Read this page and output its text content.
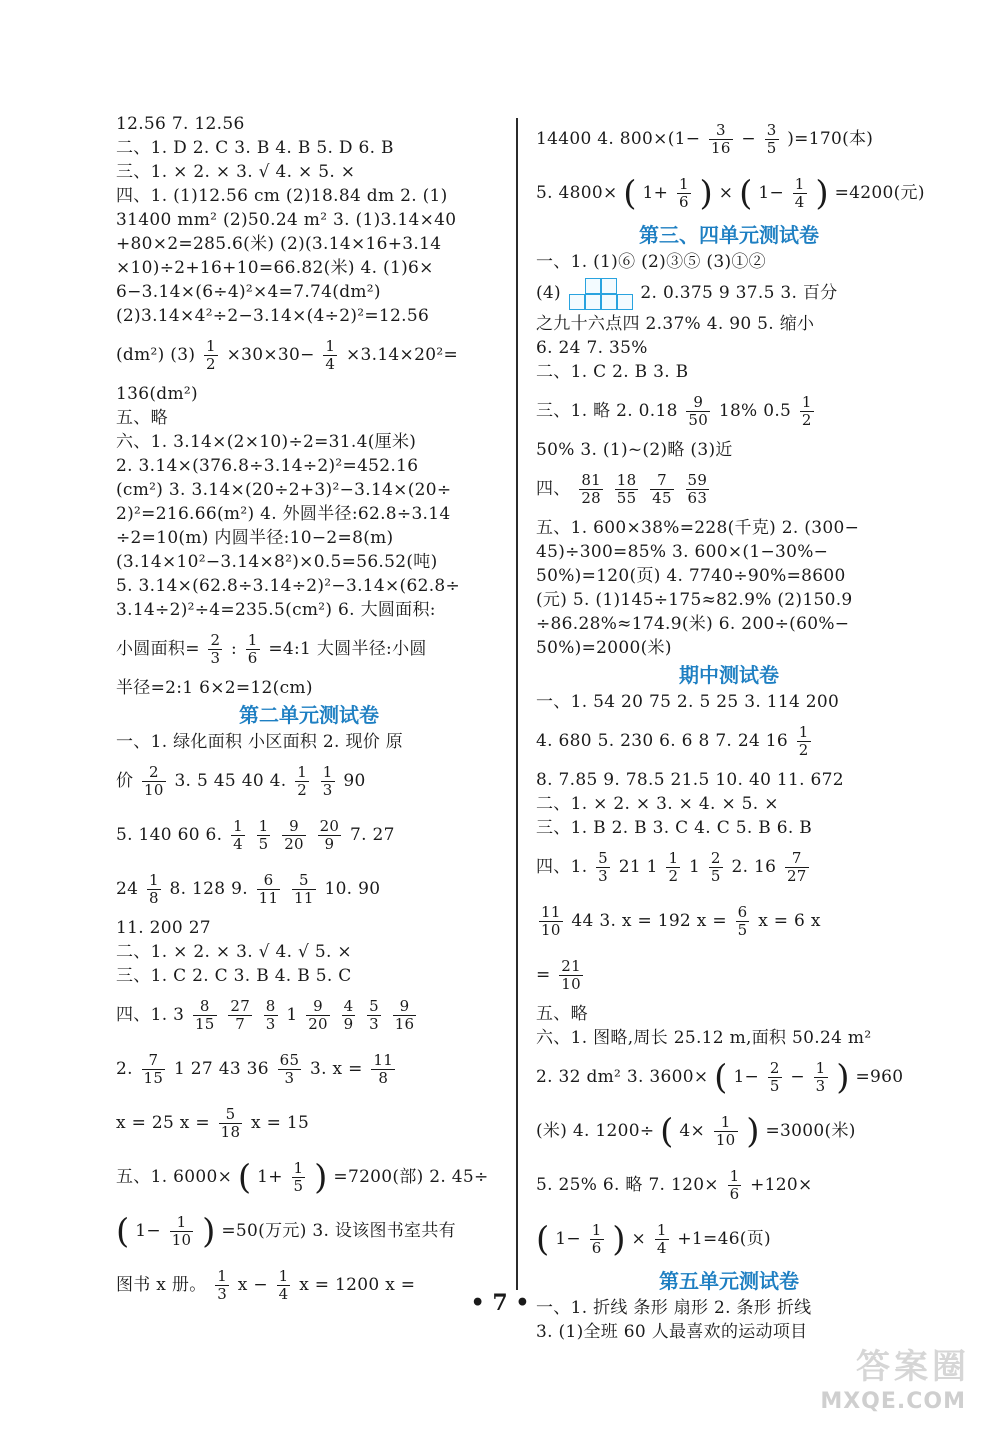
12.56 7. 12.56
二、1. D 2. C 3. B 4. B 5. D 6. B
三、1. × 2. × 3. √ 4. × 5. ×
四、1. (1)12.56 cm (2)18.84 dm 2. (1)
31400 mm² (2)50.24 m² 3. (1)3.14×40
+80×2=285.6(米) (2)(3.14×16+3.14
×10)÷2+16+10=66.82(米) 4. (1)6×
6−3.14×(6÷4)²×4=7.74(dm²)
(2)3.14×4²÷2−3.14×(4÷2)²=12.56
(dm²) $(3) \frac{1}{2} \times 30\times 30- \frac{1}{4} \times 3.14\times 20^2=$
136(dm²)
五、略
六、1. 3.14×(2×10)÷2=31.4(厘米)
2. 3.14×(376.8÷3.14÷2)²=452.16
(cm²) 3. 3.14×(20÷2+3)²−3.14×(20÷
2)²=216.66(m²) 4. 外圆半径:62.8÷3.14
÷2=10(m) 内圆半径:10−2=8(m)
(3.14×10²−3.14×8²)×0.5=56.52(吨)
5. 3.14×(62.8÷3.14÷2)²−3.14×(62.8÷
3.14÷2)²÷4=235.5(cm²) 6. 大圆面积:
小圆面积= $\frac{2}{3}$ : $\frac{1}{6}$ =4:1 大圆半径:小圆
半径=2:1 6×2=12(cm)
第二单元测试卷
一、1. 绿化面积 小区面积 2. 现价 原
价 $\frac{2}{10} 3$. 5 45 40 4. $\frac{1}{2}$
$\frac{1}{3} 90$
5. 140 60 6. $\frac{1}{4}$
$\frac{1}{5}$
$\frac{9}{20}$
$\frac{20}{9} 7$. 27
$24 \frac{1}{8} 8$. 128 9. $\frac{6}{11}$
$\frac{5}{11} 10$. 90
11. 200 27
二、1. × 2. × 3. √ 4. √ 5. ×
三、1. C 2. C 3. B 4. B 5. C
四、1. $3 \frac{8}{15}$
$\frac{27}{7}$
$\frac{8}{3} 1 \frac{9}{20}$
$\frac{4}{9}$
$\frac{5}{3}$
$\frac{9}{16}$
2. $\frac{7}{15} 1$ 27 43 $36 \frac{65}{3} 3$. $x = \frac{11}{8}$
x = 25 $x = \frac{5}{18}$ x = 15
五、1. 6000× ( $1+ \frac{1}{5}$ ) =7200(部) 2. 45÷
( $1- \frac{1}{10}$ ) =50(万元) 3. 设该图书室共有
图书 x 册。 $\frac{1}{3}$ $x - \frac{1}{4}$ x = 1200 x =
14400 4. $800\times(1- \frac{3}{16} - \frac{3}{5} )=170$(本)
5. 4800× ( $1+ \frac{1}{6}$ ) × ( $1- \frac{1}{4}$ ) =4200(元)
第三、四单元测试卷
一、1. (1)⑥ (2)③⑤ (3)①②
(4)	2. 0.375 9 37.5 3. 百分
之九十六点四 2.37% 4. 90 5. 缩小
6. 24 7. 35%
二、1. C 2. B 3. B
三、1. 略 2. $0.18 \frac{9}{50} 18\%$ $0.5 \frac{1}{2}$
50% 3. (1)~(2)略 (3)近
四、 $\frac{81}{28}$
$\frac{18}{55}$
$\frac{7}{45}$
$\frac{59}{63}$
五、1. 600×38%=228(千克) 2. (300−
45)÷300=85% 3. 600×(1−30%−
50%)=120(页) 4. 7740÷90%=8600
(元) 5. (1)145÷175≈82.9% (2)150.9
÷86.28%≈174.9(米) 6. 200÷(60%−
50%)=2000(米)
期中测试卷
一、1. 54 20 75 2. 5 25 3. 114 200
4. 680 5. 230 6. 6 8 7. 24 $16 \frac{1}{2}$
8. 7.85 9. 78.5 21.5 10. 40 11. 672
二、1. × 2. × 3. × 4. × 5. ×
三、1. B 2. B 3. C 4. C 5. B 6. B
四、1. $\frac{5}{3} 21$ $1 \frac{1}{2} 1 \frac{2}{5} 2$. $16 \frac{7}{27}$
$\frac{11}{10} 44$ 3. x = 192 $x = \frac{6}{5}$ x = 6 x
= $\frac{21}{10}$
五、略
六、1. 图略,周长 25.12 m,面积 50.24 m²
2. 32 dm² 3. 3600× ( $1- \frac{2}{5} - \frac{1}{3}$ ) =960
(米) 4. 1200÷ ( $4\times \frac{1}{10}$ ) =3000(米)
5. 25% 6. 略 7. $120\times \frac{1}{6} +120\times$
( $1- \frac{1}{6}$ ) × $\frac{1}{4} +1=46$(页)
第五单元测试卷
一、1. 折线 条形 扇形 2. 条形 折线
3. (1)全班 60 人最喜欢的运动项目
• 7 •
答案圈
MXQE.COM
